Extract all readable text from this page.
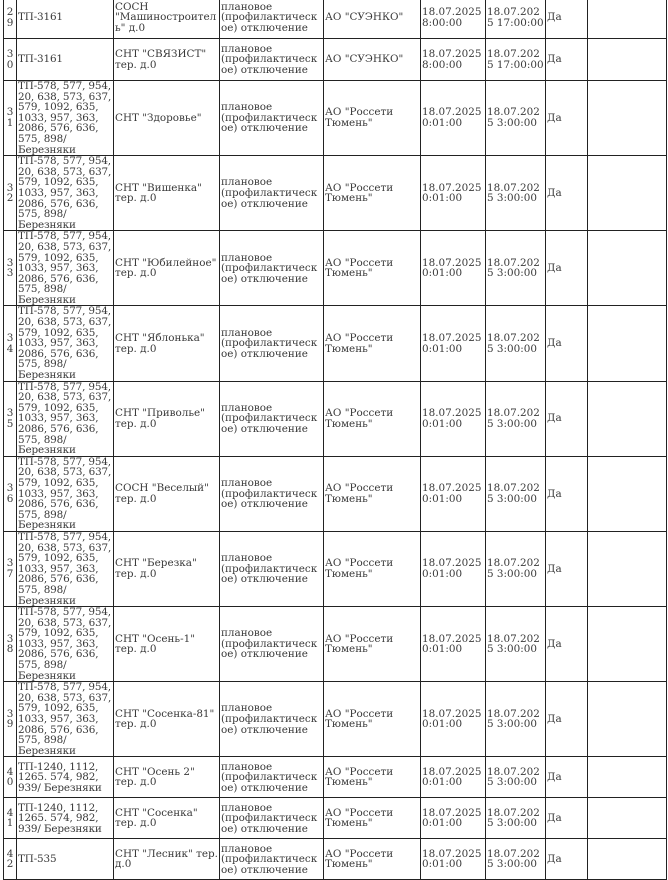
29	ТП-3161	СОСН "Машиностроитель" д.0	плановое (профилактическое) отключение	АО "СУЭНКО"	18.07.2025 8:00:00	18.07.2025 17:00:00	Да	

30	ТП-3161	СНТ "СВЯЗИСТ" тер. д.0	плановое (профилактическое) отключение	АО "СУЭНКО"	18.07.2025 8:00:00	18.07.2025 17:00:00	Да	

31	ТП-578, 577, 954, 20, 638, 573, 637, 579, 1092, 635, 1033, 957, 363, 2086, 576, 636, 575, 898/Березняки	СНТ "Здоровье"	плановое (профилактическое) отключение	АО "Россети Тюмень"	18.07.2025 0:01:00	18.07.2025 3:00:00	Да	

32	ТП-578, 577, 954, 20, 638, 573, 637, 579, 1092, 635, 1033, 957, 363, 2086, 576, 636, 575, 898/Березняки	СНТ "Вишенка" тер. д.0	плановое (профилактическое) отключение	АО "Россети Тюмень"	18.07.2025 0:01:00	18.07.2025 3:00:00	Да	

33	ТП-578, 577, 954, 20, 638, 573, 637, 579, 1092, 635, 1033, 957, 363, 2086, 576, 636, 575, 898/Березняки	СНТ "Юбилейное" тер. д.0	плановое (профилактическое) отключение	АО "Россети Тюмень"	18.07.2025 0:01:00	18.07.2025 3:00:00	Да	

34	ТП-578, 577, 954, 20, 638, 573, 637, 579, 1092, 635, 1033, 957, 363, 2086, 576, 636, 575, 898/Березняки	СНТ "Яблонька" тер. д.0	плановое (профилактическое) отключение	АО "Россети Тюмень"	18.07.2025 0:01:00	18.07.2025 3:00:00	Да	

35	ТП-578, 577, 954, 20, 638, 573, 637, 579, 1092, 635, 1033, 957, 363, 2086, 576, 636, 575, 898/Березняки	СНТ "Приволье" тер. д.0	плановое (профилактическое) отключение	АО "Россети Тюмень"	18.07.2025 0:01:00	18.07.2025 3:00:00	Да	

36	ТП-578, 577, 954, 20, 638, 573, 637, 579, 1092, 635, 1033, 957, 363, 2086, 576, 636, 575, 898/Березняки	СОСН "Веселый" тер. д.0	плановое (профилактическое) отключение	АО "Россети Тюмень"	18.07.2025 0:01:00	18.07.2025 3:00:00	Да	

37	ТП-578, 577, 954, 20, 638, 573, 637, 579, 1092, 635, 1033, 957, 363, 2086, 576, 636, 575, 898/Березняки	СНТ "Березка" тер. д.0	плановое (профилактическое) отключение	АО "Россети Тюмень"	18.07.2025 0:01:00	18.07.2025 3:00:00	Да	

38	ТП-578, 577, 954, 20, 638, 573, 637, 579, 1092, 635, 1033, 957, 363, 2086, 576, 636, 575, 898/Березняки	СНТ "Осень-1" тер. д.0	плановое (профилактическое) отключение	АО "Россети Тюмень"	18.07.2025 0:01:00	18.07.2025 3:00:00	Да	

39	ТП-578, 577, 954, 20, 638, 573, 637, 579, 1092, 635, 1033, 957, 363, 2086, 576, 636, 575, 898/Березняки	СНТ "Сосенка-81" тер. д.0	плановое (профилактическое) отключение	АО "Россети Тюмень"	18.07.2025 0:01:00	18.07.2025 3:00:00	Да	

40	ТП-1240, 1112, 1265. 574, 982, 939/ Березняки	СНТ "Осень 2" тер. д.0	плановое (профилактическое) отключение	АО "Россети Тюмень"	18.07.2025 0:01:00	18.07.2025 3:00:00	Да	

41	ТП-1240, 1112, 1265. 574, 982, 939/ Березняки	СНТ "Сосенка" тер. д.0	плановое (профилактическое) отключение	АО "Россети Тюмень"	18.07.2025 0:01:00	18.07.2025 3:00:00	Да	

42	ТП-535	СНТ "Лесник" тер. д.0	плановое (профилактическое) отключение	АО "Россети Тюмень"	18.07.2025 0:01:00	18.07.2025 3:00:00	Да	
